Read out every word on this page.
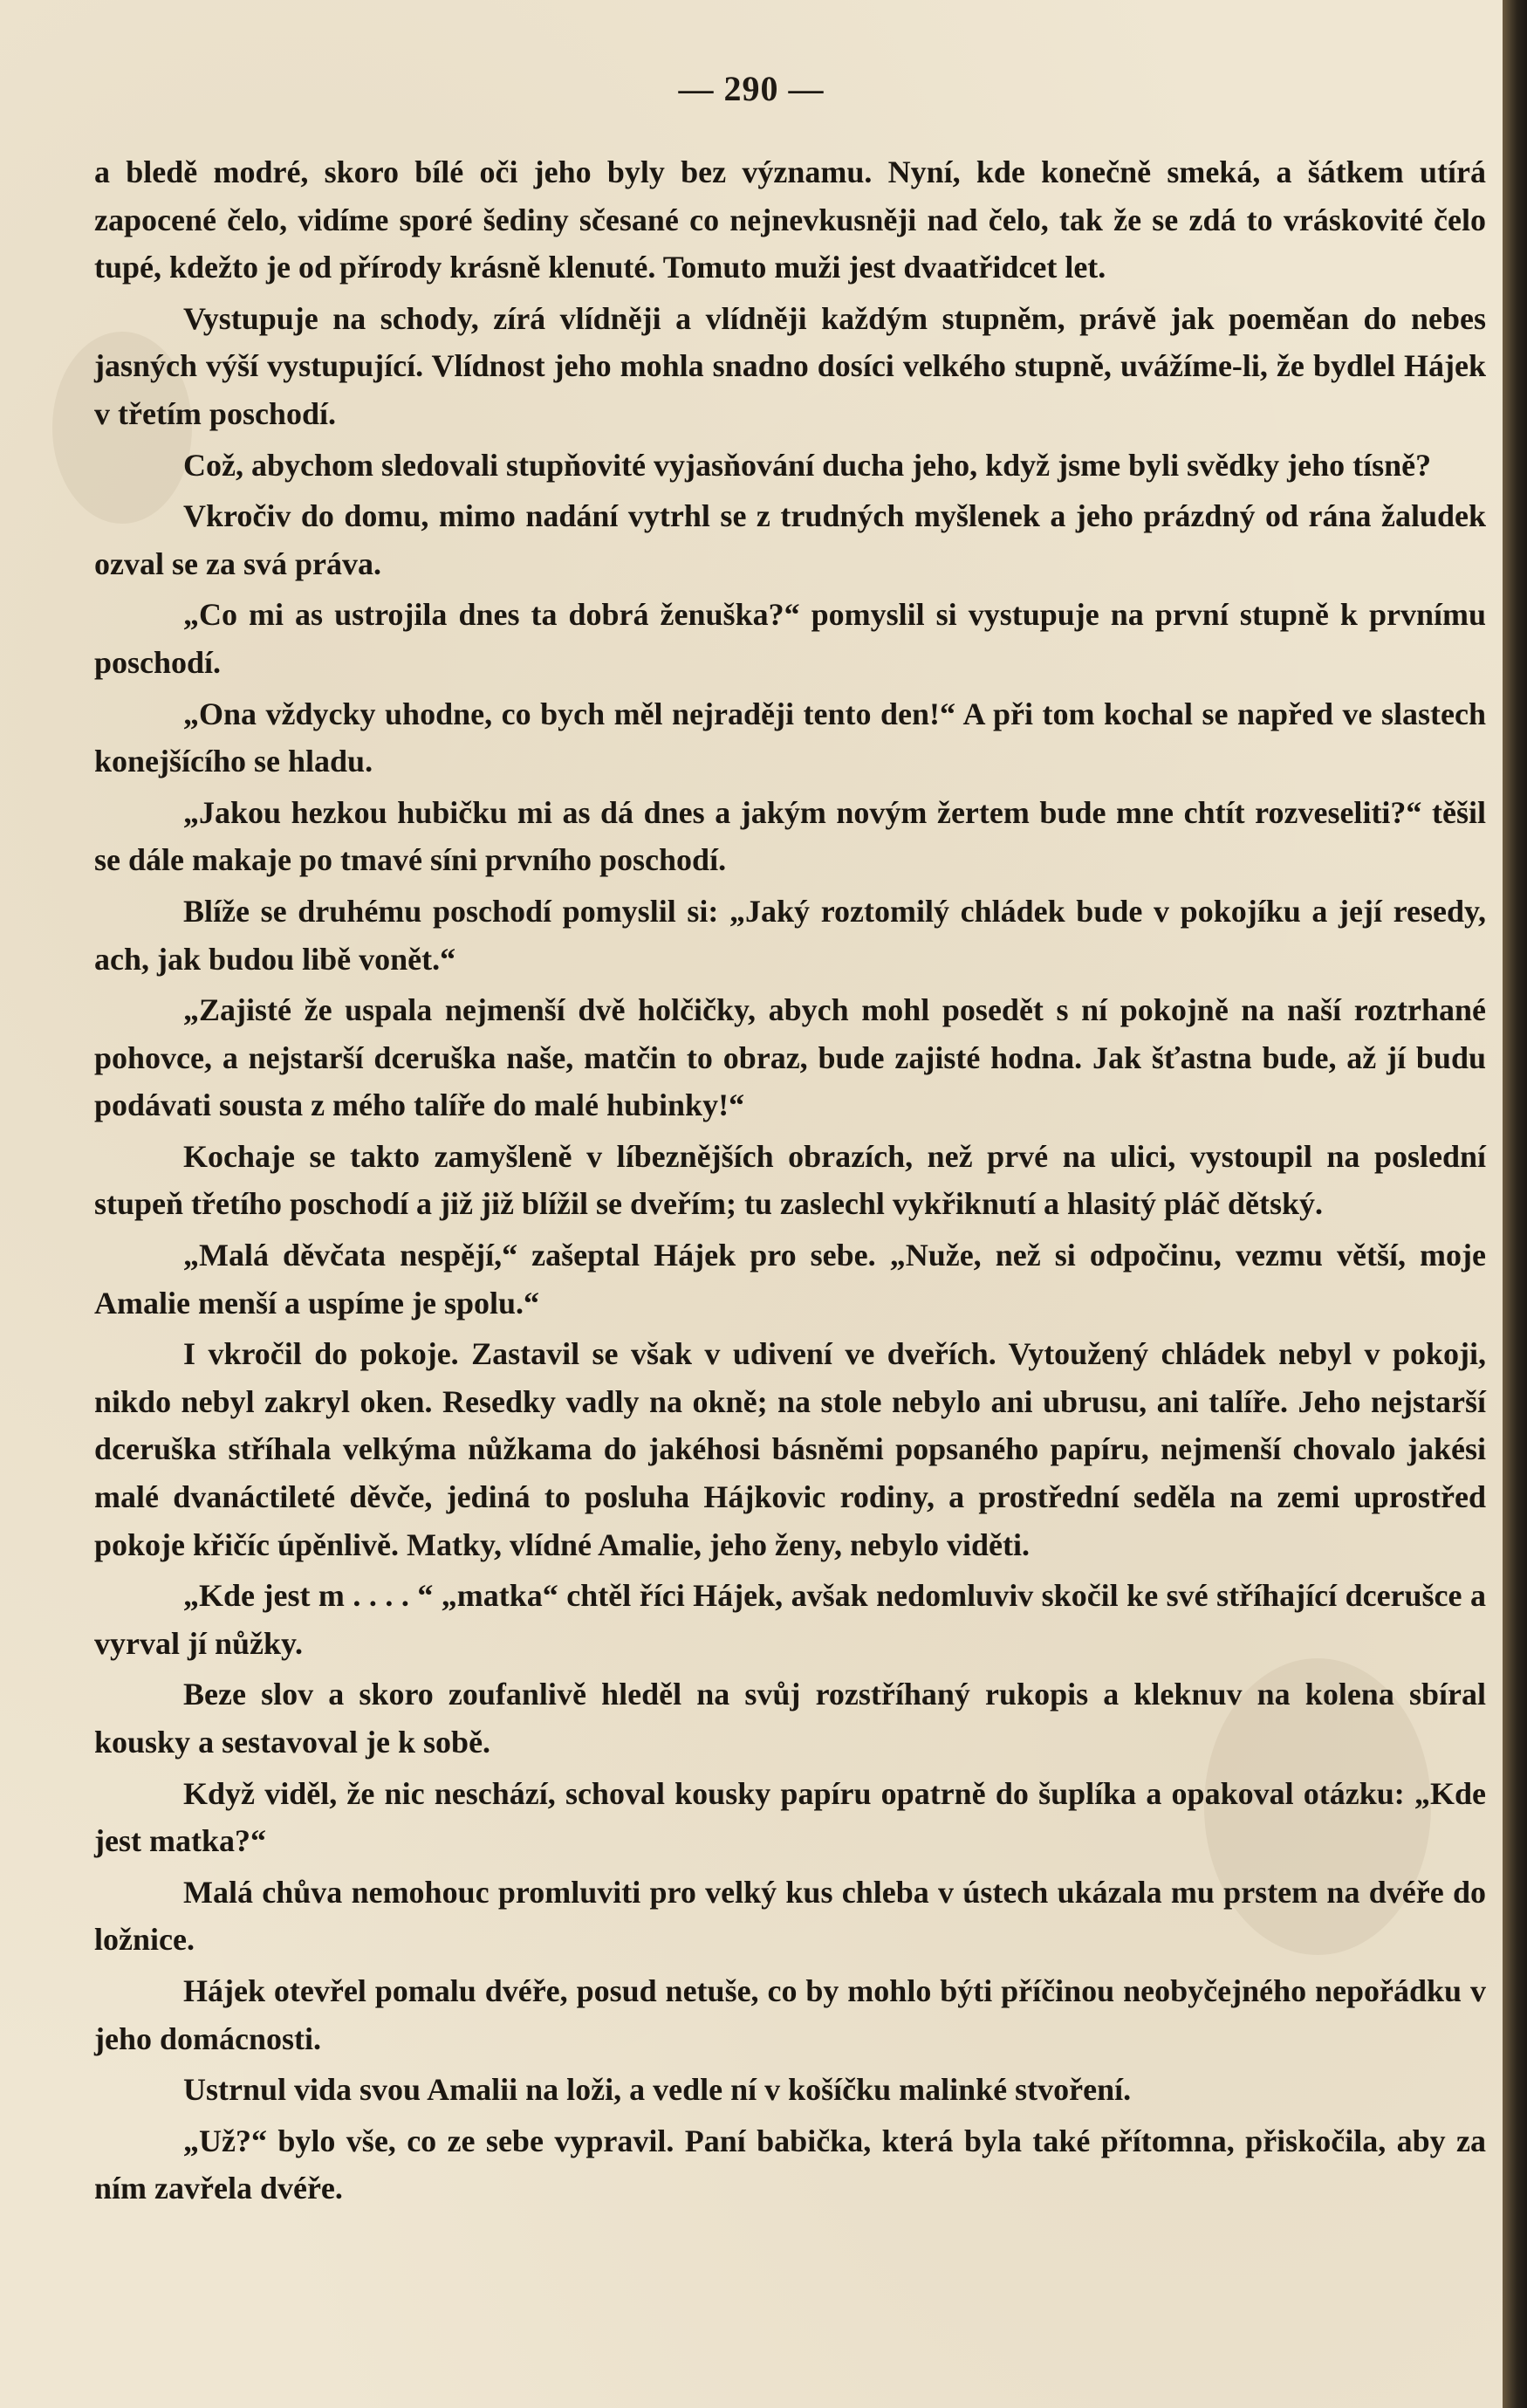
— 290 —

a bledě modré, skoro bílé oči jeho byly bez významu. Nyní, kde konečně smeká, a šátkem utírá zapocené čelo, vidíme sporé šediny sčesané co nejnevkusněji nad čelo, tak že se zdá to vráskovité čelo tupé, kdežto je od přírody krásně klenuté. Tomuto muži jest dvaatřidcet let.

Vystupuje na schody, zírá vlídněji a vlídněji každým stupněm, právě jak poeměan do nebes jasných výší vystupující. Vlídnost jeho mohla snadno dosíci velkého stupně, uvážíme-li, že bydlel Hájek v třetím poschodí.

Což, abychom sledovali stupňovité vyjasňování ducha jeho, když jsme byli svědky jeho tísně?

Vkročiv do domu, mimo nadání vytrhl se z trudných myšlenek a jeho prázdný od rána žaludek ozval se za svá práva.

„Co mi as ustrojila dnes ta dobrá ženuška?“ pomyslil si vystupuje na první stupně k prvnímu poschodí.

„Ona vždycky uhodne, co bych měl nejraději tento den!“ A při tom kochal se napřed ve slastech konejšícího se hladu.

„Jakou hezkou hubičku mi as dá dnes a jakým novým žertem bude mne chtít rozveseliti?“ těšil se dále makaje po tmavé síni prvního poschodí.

Blíže se druhému poschodí pomyslil si: „Jaký roztomilý chládek bude v pokojíku a její resedy, ach, jak budou libě vonět.“

„Zajisté že uspala nejmenší dvě holčičky, abych mohl posedět s ní pokojně na naší roztrhané pohovce, a nejstarší dceruška naše, matčin to obraz, bude zajisté hodna. Jak šťastna bude, až jí budu podávati sousta z mého talíře do malé hubinky!“

Kochaje se takto zamyšleně v líbeznějších obrazích, než prvé na ulici, vystoupil na poslední stupeň třetího poschodí a již již blížil se dveřím; tu zaslechl vykřiknutí a hlasitý pláč dětský.

„Malá děvčata nespějí,“ zašeptal Hájek pro sebe. „Nuže, než si odpočinu, vezmu větší, moje Amalie menší a uspíme je spolu.“

I vkročil do pokoje. Zastavil se však v udivení ve dveřích. Vytoužený chládek nebyl v pokoji, nikdo nebyl zakryl oken. Resedky vadly na okně; na stole nebylo ani ubrusu, ani talíře. Jeho nejstarší dceruška stříhala velkýma nůžkama do jakéhosi básněmi popsaného papíru, nejmenší chovalo jakési malé dvanáctileté děvče, jediná to posluha Hájkovic rodiny, a prostřední seděla na zemi uprostřed pokoje křičíc úpěnlivě. Matky, vlídné Amalie, jeho ženy, nebylo viděti.

„Kde jest m . . . . “ „matka“ chtěl říci Hájek, avšak nedomluviv skočil ke své stříhající dcerušce a vyrval jí nůžky.

Beze slov a skoro zoufanlivě hleděl na svůj rozstříhaný rukopis a kleknuv na kolena sbíral kousky a sestavoval je k sobě.

Když viděl, že nic neschází, schoval kousky papíru opatrně do šuplíka a opakoval otázku: „Kde jest matka?“

Malá chůva nemohouc promluviti pro velký kus chleba v ústech ukázala mu prstem na dvéře do ložnice.

Hájek otevřel pomalu dvéře, posud netuše, co by mohlo býti příčinou neobyčejného nepořádku v jeho domácnosti.

Ustrnul vida svou Amalii na loži, a vedle ní v košíčku malinké stvoření.

„Už?“ bylo vše, co ze sebe vypravil. Paní babička, která byla také přítomna, přiskočila, aby za ním zavřela dvéře.
